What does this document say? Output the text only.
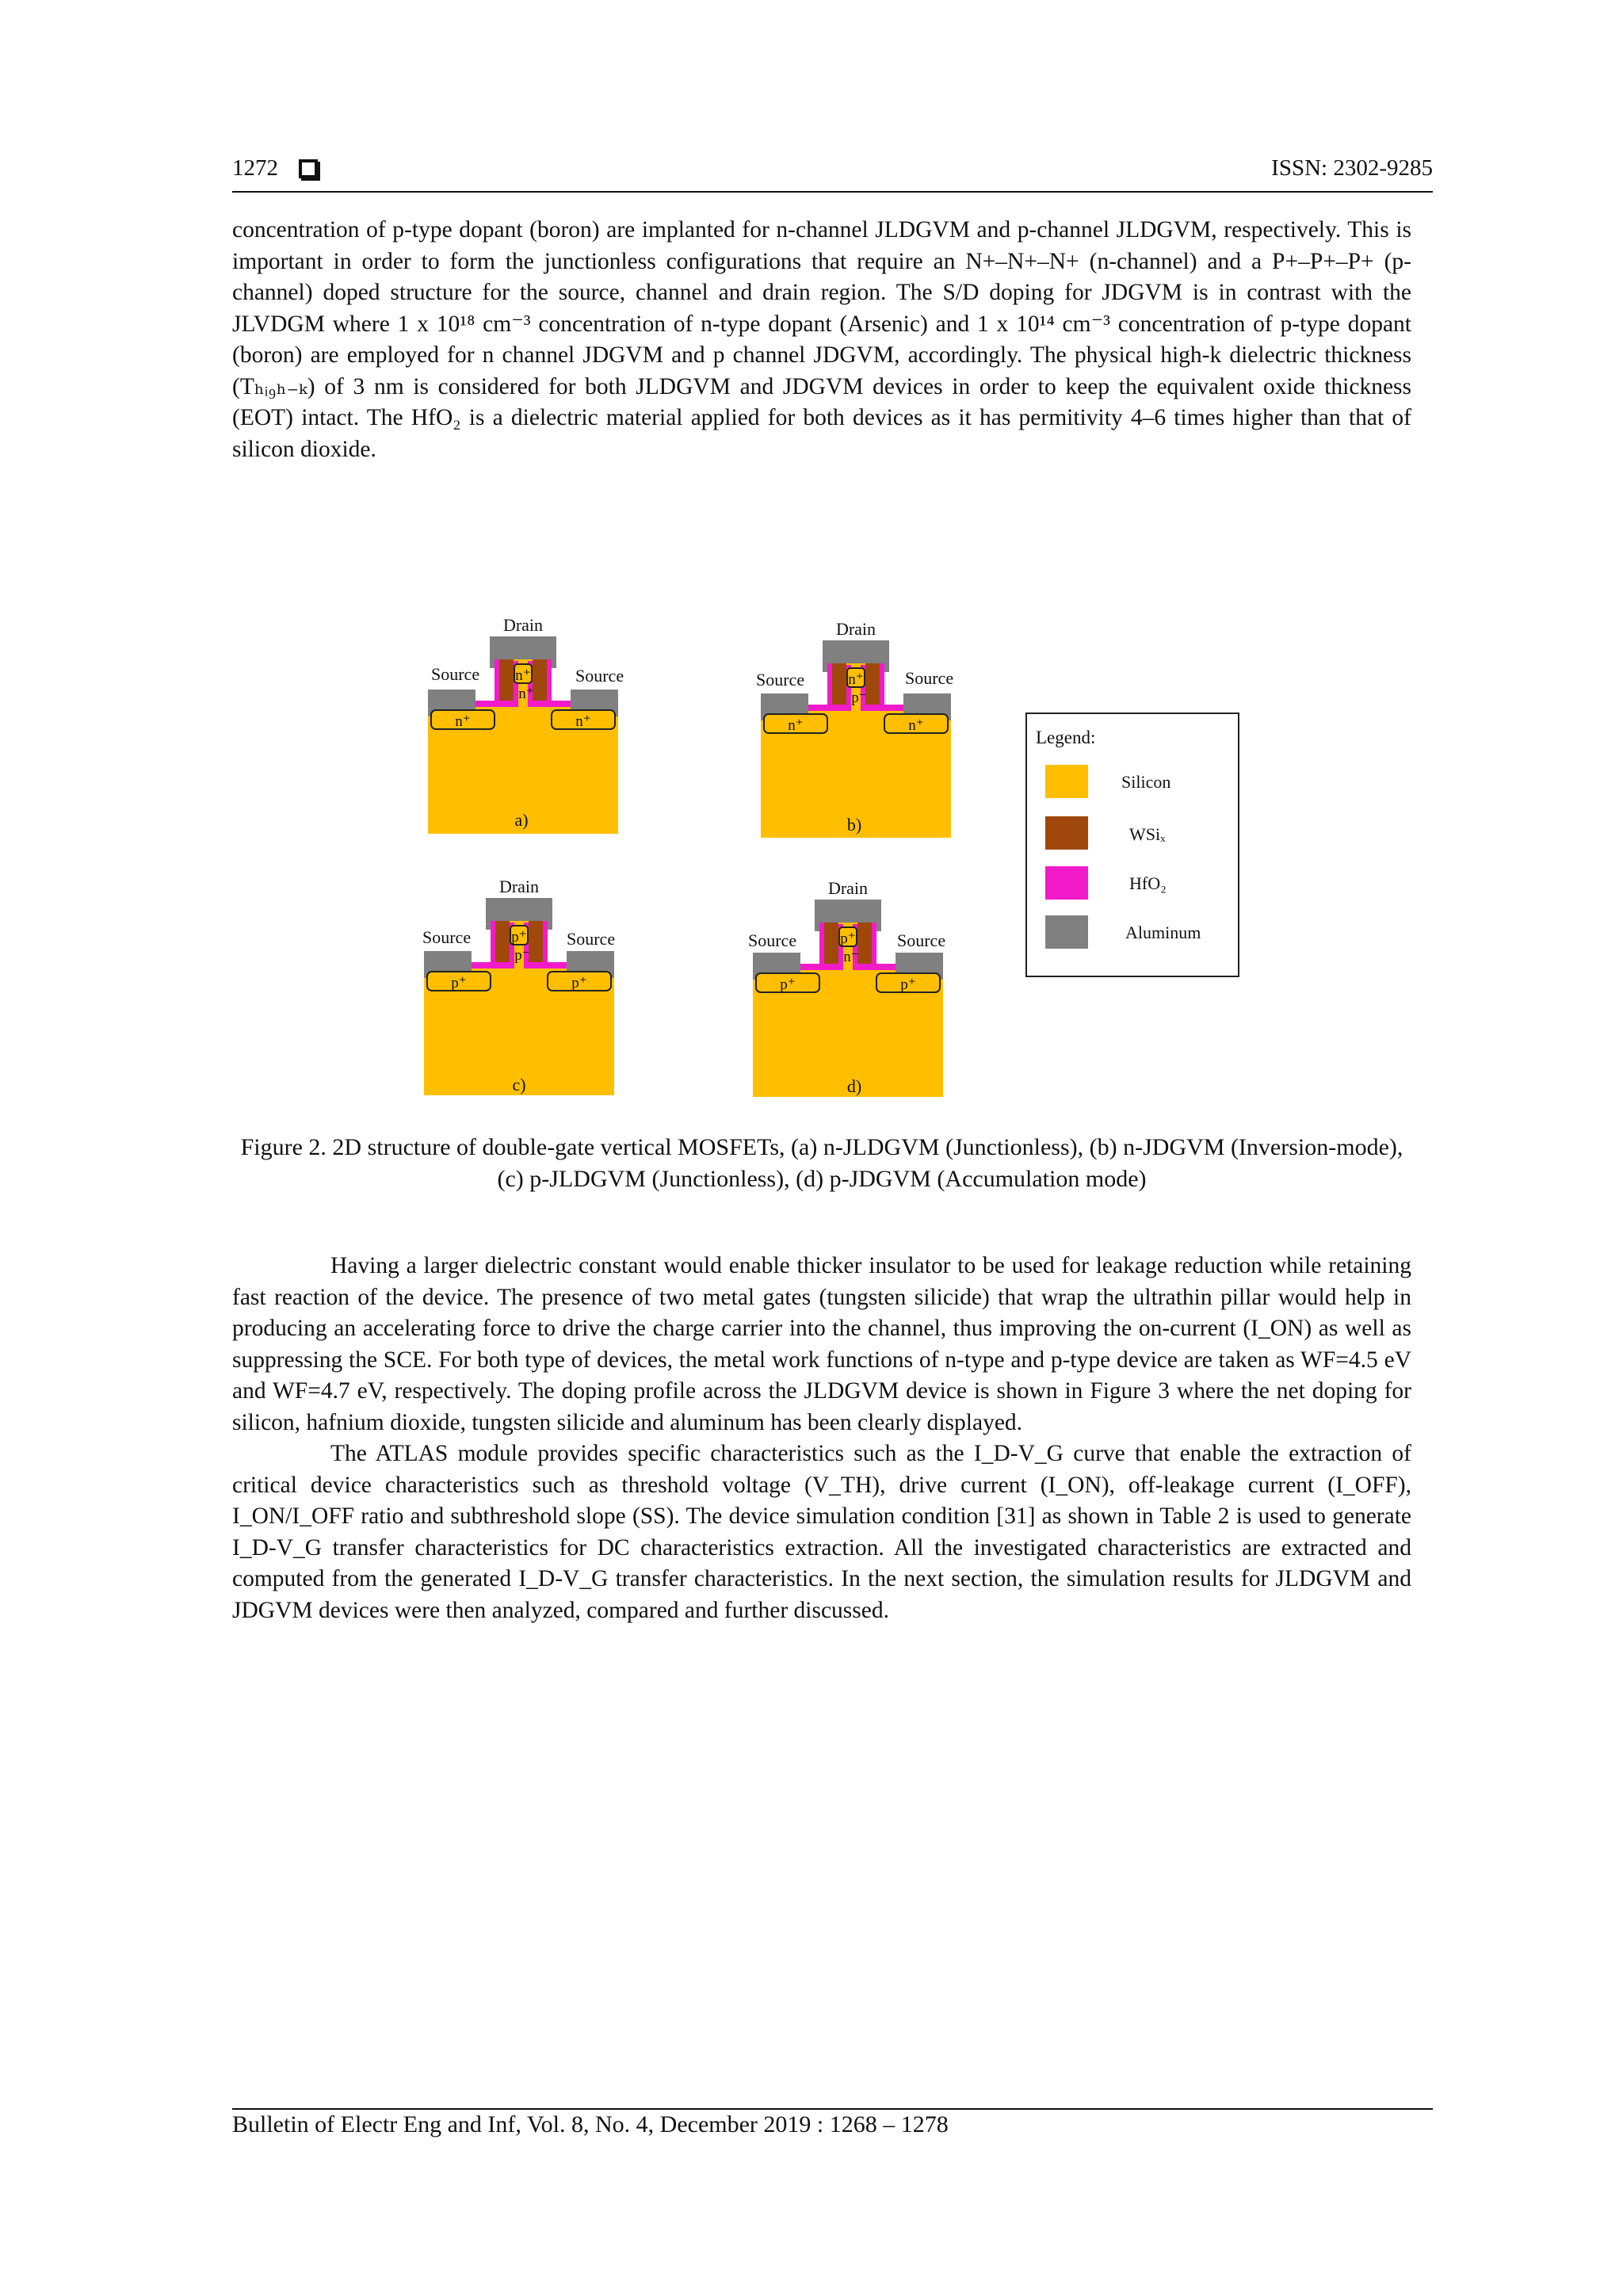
1272	ISSN: 2302-9285

concentration of p-type dopant (boron) are implanted for n-channel JLDGVM and p-channel JLDGVM, respectively. This is important in order to form the junctionless configurations that require an N+–N+–N+ (n-channel) and a P+–P+–P+ (p-channel) doped structure for the source, channel and drain region. The S/D doping for JDGVM is in contrast with the JLVDGM where 1 x 10¹⁸ cm⁻³ concentration of n-type dopant (Arsenic) and 1 x 10¹⁴ cm⁻³ concentration of p-type dopant (boron) are employed for n channel JDGVM and p channel JDGVM, accordingly. The physical high-k dielectric thickness (Tₕᵢ₉ₕ₋ₖ) of 3 nm is considered for both JLDGVM and JDGVM devices in order to keep the equivalent oxide thickness (EOT) intact. The HfO₂ is a dielectric material applied for both devices as it has permitivity 4–6 times higher than that of silicon dioxide.

Drain
Source	Source
n⁺
n⁺
n⁺	n⁺
a)
Drain
Source	Source
n⁺
p⁻
n⁺	n⁺
b)
Drain
Source	Source
p⁺
p⁻
p⁺	p⁺
c)
Drain
Source	Source
p⁺
n⁻
p⁺	p⁺
d)
Legend:
Silicon
WSiₓ
HfO₂
Aluminum
Figure 2. 2D structure of double-gate vertical MOSFETs, (a) n-JLDGVM (Junctionless), (b) n-JDGVM (Inversion-mode), (c) p-JLDGVM (Junctionless), (d) p-JDGVM (Accumulation mode)

Having a larger dielectric constant would enable thicker insulator to be used for leakage reduction while retaining fast reaction of the device. The presence of two metal gates (tungsten silicide) that wrap the ultrathin pillar would help in producing an accelerating force to drive the charge carrier into the channel, thus improving the on-current (I_ON) as well as suppressing the SCE. For both type of devices, the metal work functions of n-type and p-type device are taken as WF=4.5 eV and WF=4.7 eV, respectively. The doping profile across the JLDGVM device is shown in Figure 3 where the net doping for silicon, hafnium dioxide, tungsten silicide and aluminum has been clearly displayed.

The ATLAS module provides specific characteristics such as the I_D-V_G curve that enable the extraction of critical device characteristics such as threshold voltage (V_TH), drive current (I_ON), off-leakage current (I_OFF), I_ON/I_OFF ratio and subthreshold slope (SS). The device simulation condition [31] as shown in Table 2 is used to generate I_D-V_G transfer characteristics for DC characteristics extraction. All the investigated characteristics are extracted and computed from the generated I_D-V_G transfer characteristics. In the next section, the simulation results for JLDGVM and JDGVM devices were then analyzed, compared and further discussed.

Bulletin of Electr Eng and Inf, Vol. 8, No. 4, December 2019 : 1268 – 1278
